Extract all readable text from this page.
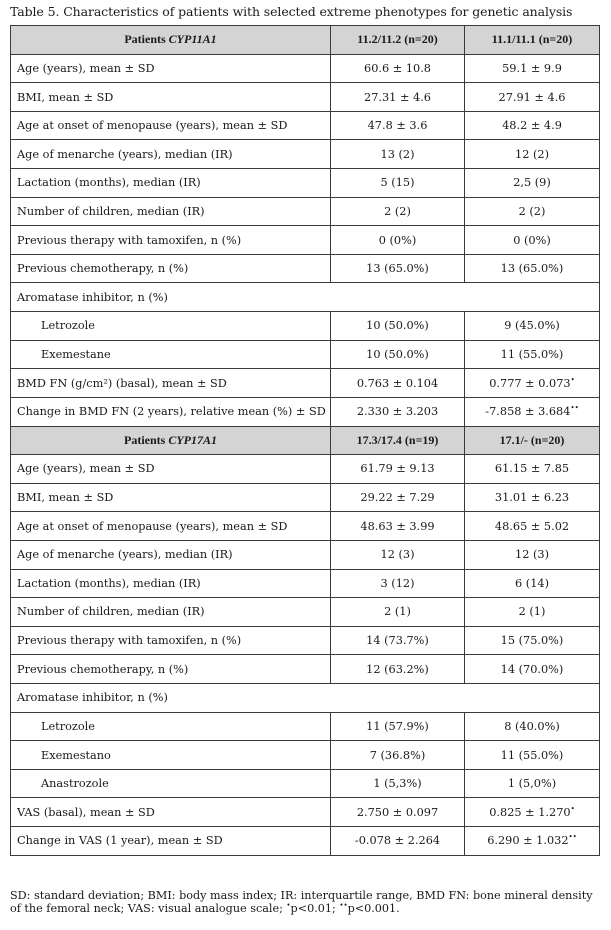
Table 5. Characteristics of patients with selected extreme phenotypes for genetic analysis
Patients CYP11A1	11.2/11.2 (n=20)	11.1/11.1 (n=20)
Age (years), mean ± SD	60.6 ± 10.8	59.1 ± 9.9
BMI, mean ± SD	27.31 ± 4.6	27.91 ± 4.6
Age at onset of menopause (years), mean ± SD	47.8 ± 3.6	48.2 ± 4.9
Age of menarche (years), median (IR)	13 (2)	12 (2)
Lactation (months), median (IR)	5 (15)	2,5 (9)
Number of children, median (IR)	2 (2)	2 (2)
Previous therapy with tamoxifen, n (%)	0 (0%)	0 (0%)
Previous chemotherapy, n (%)	13 (65.0%)	13 (65.0%)
Aromatase inhibitor, n (%)		
Letrozole	10 (50.0%)	9 (45.0%)
Exemestane	10 (50.0%)	11 (55.0%)
BMD FN (g/cm²) (basal), mean ± SD	0.763 ± 0.104	0.777 ± 0.073•
Change in BMD FN (2 years), relative mean (%) ± SD	2.330 ± 3.203	-7.858 ± 3.684••
Patients CYP17A1	17.3/17.4 (n=19)	17.1/- (n=20)
Age (years), mean ± SD	61.79 ± 9.13	61.15 ± 7.85
BMI, mean ± SD	29.22 ± 7.29	31.01 ± 6.23
Age at onset of menopause (years), mean ± SD	48.63 ± 3.99	48.65 ± 5.02
Age of menarche (years), median (IR)	12 (3)	12 (3)
Lactation (months), median (IR)	3 (12)	6 (14)
Number of children, median (IR)	2 (1)	2 (1)
Previous therapy with tamoxifen, n (%)	14 (73.7%)	15 (75.0%)
Previous chemotherapy, n (%)	12 (63.2%)	14 (70.0%)
Aromatase inhibitor, n (%)		
Letrozole	11 (57.9%)	8 (40.0%)
Exemestano	7 (36.8%)	11 (55.0%)
Anastrozole	1 (5,3%)	1 (5,0%)
VAS (basal), mean ± SD	2.750 ± 0.097	0.825 ± 1.270•
Change in VAS (1 year), mean ± SD	-0.078 ± 2.264	6.290 ± 1.032••
SD: standard deviation; BMI: body mass index; IR: interquartile range, BMD FN: bone mineral density of the femoral neck; VAS: visual analogue scale; •p<0.01; ••p<0.001.
